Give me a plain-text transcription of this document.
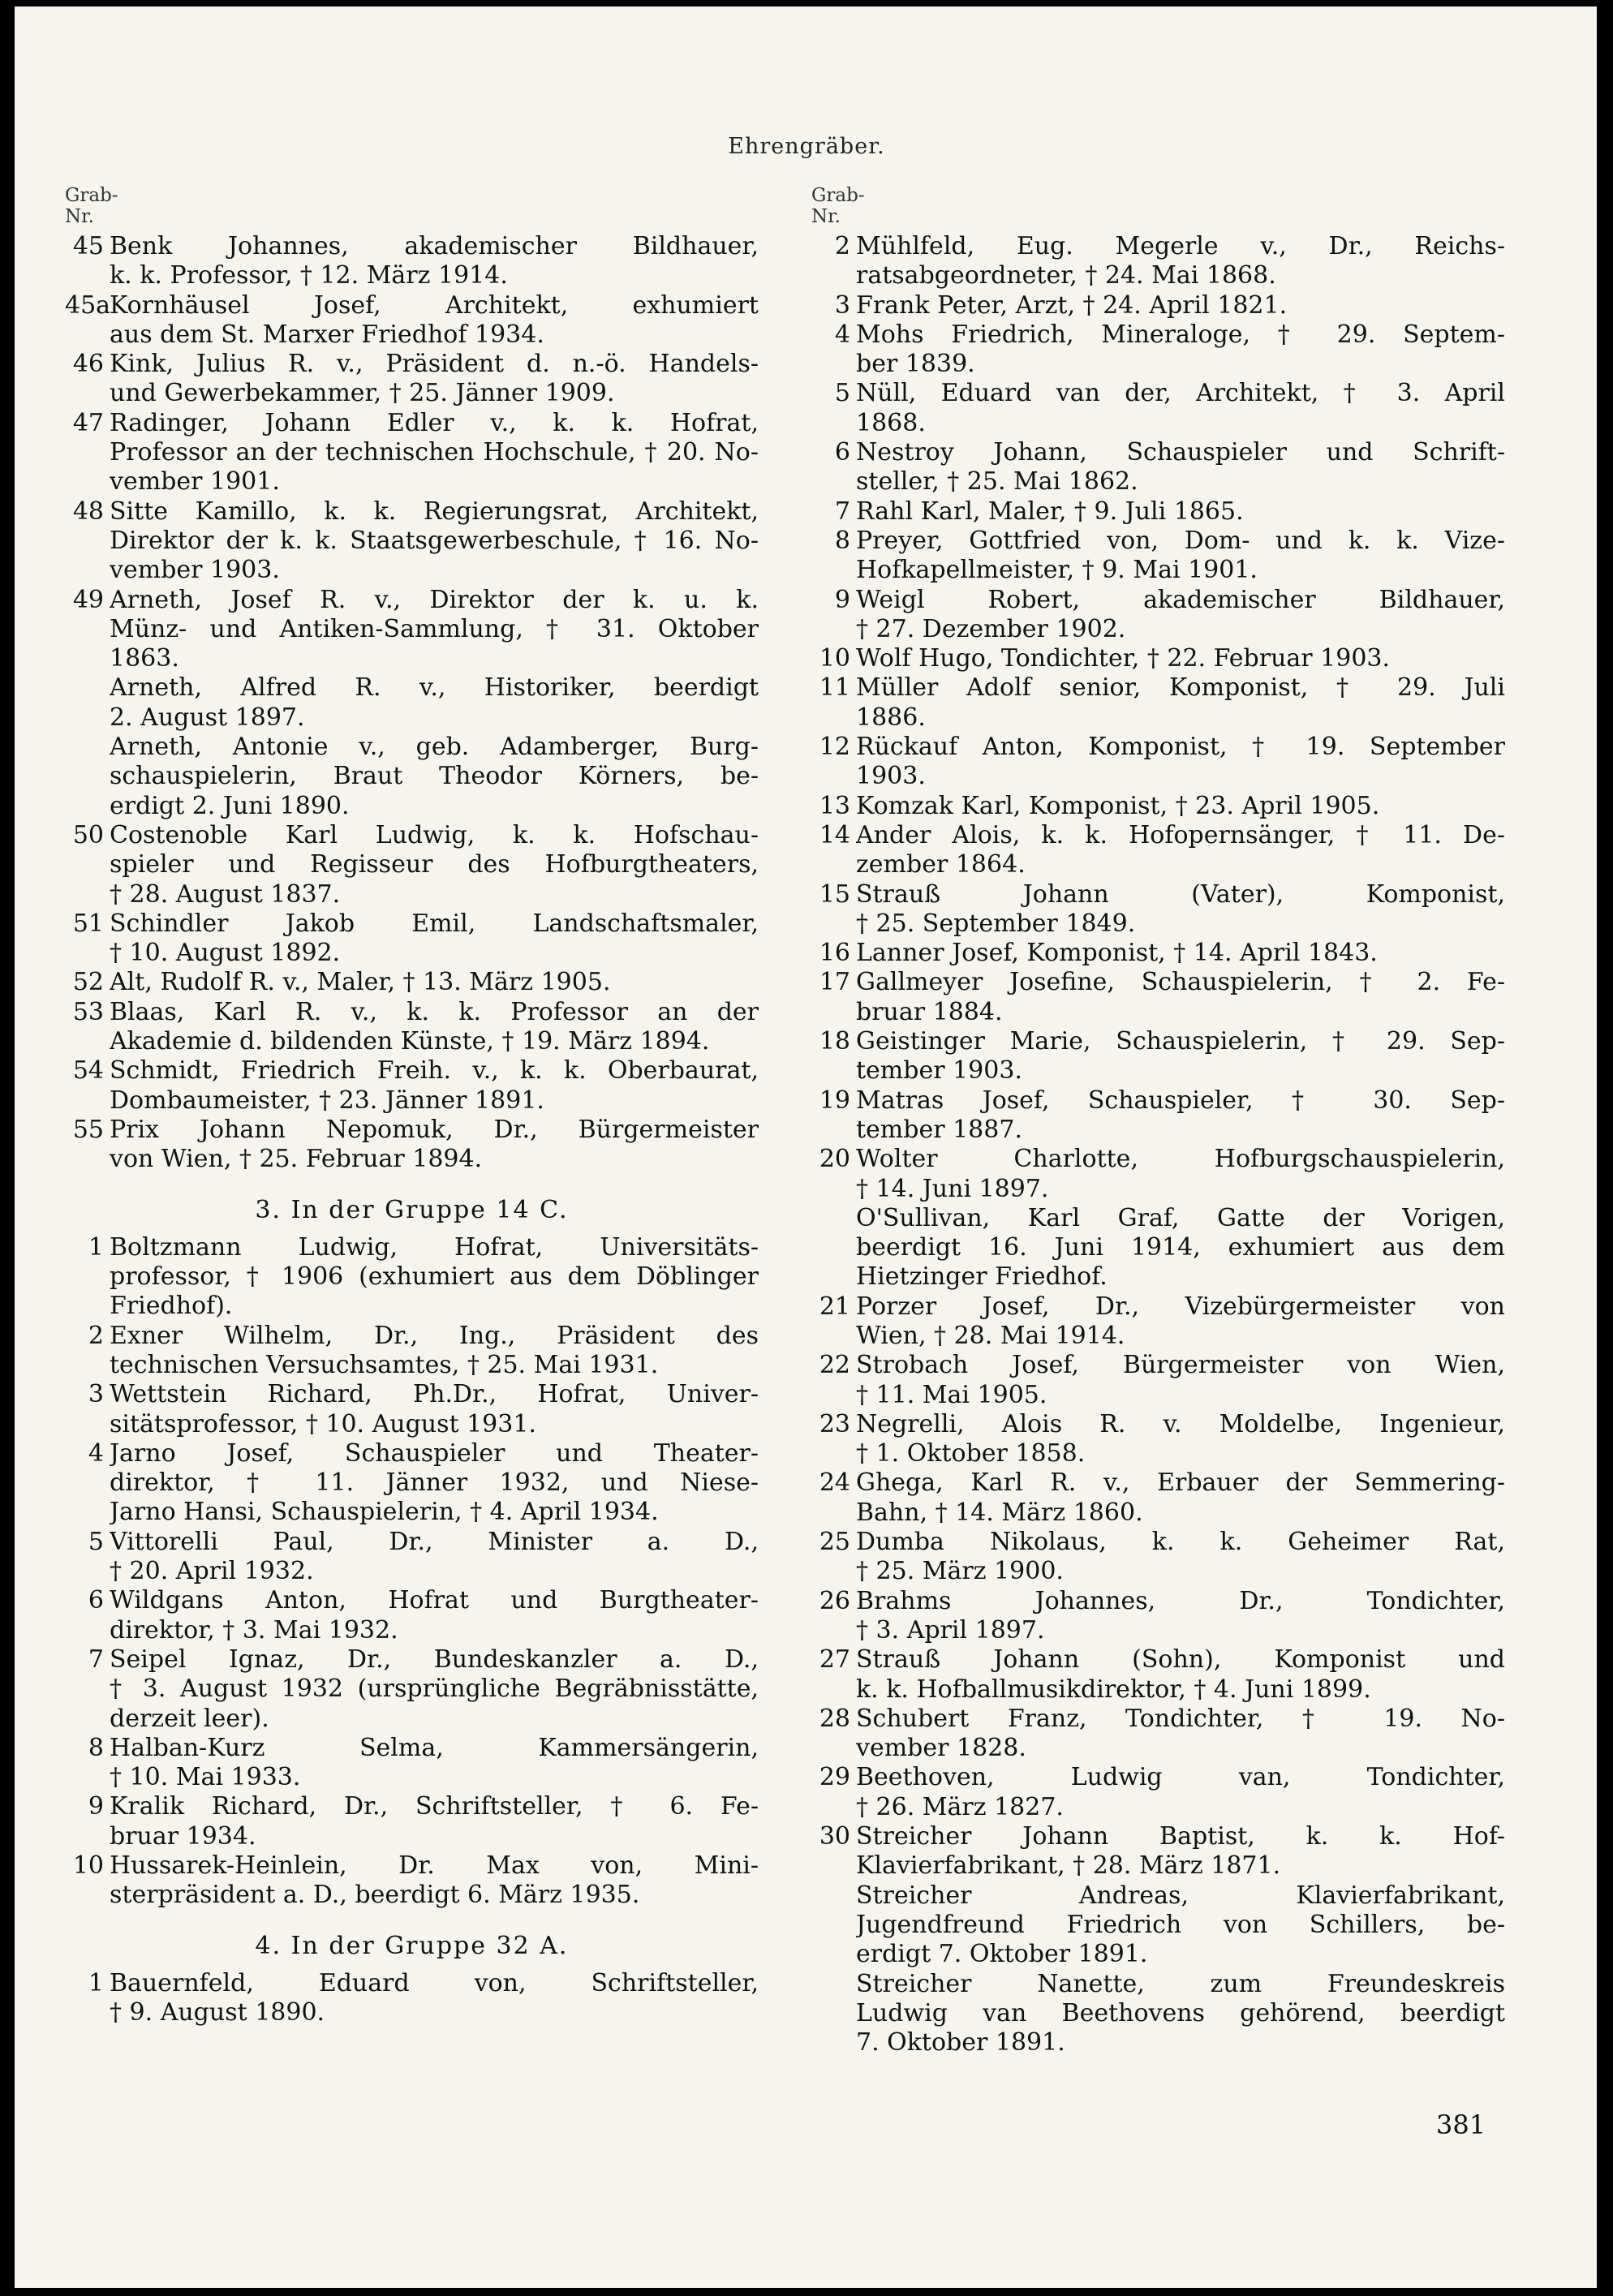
Ehrengräber.
Grab-
Nr.
45 Benk Johannes, akademischer Bildhauer,
k. k. Professor, † 12. März 1914.
45a
Kornhäusel Josef, Architekt, exhumiert
aus dem St. Marxer Friedhof 1934.
46 Kink, Julius R. v., Präsident d. n.-ö. Handels-
und Gewerbekammer, † 25. Jänner 1909.
47 Radinger, Johann Edler v., k. k. Hofrat,
Professor an der technischen Hochschule, † 20. No-
vember 1901.
48 Sitte Kamillo, k. k. Regierungsrat, Architekt,
Direktor der k. k. Staatsgewerbeschule, † 16. No-
vember 1903.
49 Arneth, Josef R. v., Direktor der k. u. k.
Münz- und Antiken-Sammlung, † 31. Oktober
1863.
Arneth, Alfred R. v., Historiker, beerdigt
2. August 1897.
Arneth, Antonie v., geb. Adamberger, Burg-
schauspielerin, Braut Theodor Körners, be-
erdigt 2. Juni 1890.
50 Costenoble Karl Ludwig, k. k. Hofschau-
spieler und Regisseur des Hofburgtheaters,
† 28. August 1837.
51 Schindler Jakob Emil, Landschaftsmaler,
† 10. August 1892.
52 Alt, Rudolf R. v., Maler, † 13. März 1905.
53 Blaas, Karl R. v., k. k. Professor an der
Akademie d. bildenden Künste, † 19. März 1894.
54 Schmidt, Friedrich Freih. v., k. k. Oberbaurat,
Dombaumeister, † 23. Jänner 1891.
55 Prix Johann Nepomuk, Dr., Bürgermeister
von Wien, † 25. Februar 1894.
3. In der Gruppe 14 C.
1 Boltzmann Ludwig, Hofrat, Universitäts-
professor, † 1906 (exhumiert aus dem Döblinger
Friedhof).
2 Exner Wilhelm, Dr., Ing., Präsident des
technischen Versuchsamtes, † 25. Mai 1931.
3 Wettstein Richard, Ph.Dr., Hofrat, Univer-
sitätsprofessor, † 10. August 1931.
4 Jarno Josef, Schauspieler und Theater-
direktor, † 11. Jänner 1932, und Niese-
Jarno Hansi, Schauspielerin, † 4. April 1934.
5 Vittorelli Paul, Dr., Minister a. D.,
† 20. April 1932.
6 Wildgans Anton, Hofrat und Burgtheater-
direktor, † 3. Mai 1932.
7 Seipel Ignaz, Dr., Bundeskanzler a. D.,
† 3. August 1932 (ursprüngliche Begräbnisstätte,
derzeit leer).
8 Halban-Kurz Selma, Kammersängerin,
† 10. Mai 1933.
9 Kralik Richard, Dr., Schriftsteller, † 6. Fe-
bruar 1934.
10 Hussarek-Heinlein, Dr. Max von, Mini-
sterpräsident a. D., beerdigt 6. März 1935.
4. In der Gruppe 32 A.
1 Bauernfeld, Eduard von, Schriftsteller,
† 9. August 1890.
Grab-
Nr.
2 Mühlfeld, Eug. Megerle v., Dr., Reichs-
ratsabgeordneter, † 24. Mai 1868.
3 Frank Peter, Arzt, † 24. April 1821.
4 Mohs Friedrich, Mineraloge, † 29. Septem-
ber 1839.
5 Nüll, Eduard van der, Architekt, † 3. April
1868.
6 Nestroy Johann, Schauspieler und Schrift-
steller, † 25. Mai 1862.
7 Rahl Karl, Maler, † 9. Juli 1865.
8 Preyer, Gottfried von, Dom- und k. k. Vize-
Hofkapellmeister, † 9. Mai 1901.
9 Weigl Robert, akademischer Bildhauer,
† 27. Dezember 1902.
10 Wolf Hugo, Tondichter, † 22. Februar 1903.
11 Müller Adolf senior, Komponist, † 29. Juli
1886.
12 Rückauf Anton, Komponist, † 19. September
1903.
13 Komzak Karl, Komponist, † 23. April 1905.
14 Ander Alois, k. k. Hofopernsänger, † 11. De-
zember 1864.
15 Strauß Johann (Vater), Komponist,
† 25. September 1849.
16 Lanner Josef, Komponist, † 14. April 1843.
17 Gallmeyer Josefine, Schauspielerin, † 2. Fe-
bruar 1884.
18 Geistinger Marie, Schauspielerin, † 29. Sep-
tember 1903.
19 Matras Josef, Schauspieler, † 30. Sep-
tember 1887.
20 Wolter Charlotte, Hofburgschauspielerin,
† 14. Juni 1897.
O'Sullivan, Karl Graf, Gatte der Vorigen,
beerdigt 16. Juni 1914, exhumiert aus dem
Hietzinger Friedhof.
21 Porzer Josef, Dr., Vizebürgermeister von
Wien, † 28. Mai 1914.
22 Strobach Josef, Bürgermeister von Wien,
† 11. Mai 1905.
23 Negrelli, Alois R. v. Moldelbe, Ingenieur,
† 1. Oktober 1858.
24 Ghega, Karl R. v., Erbauer der Semmering-
Bahn, † 14. März 1860.
25 Dumba Nikolaus, k. k. Geheimer Rat,
† 25. März 1900.
26 Brahms Johannes, Dr., Tondichter,
† 3. April 1897.
27 Strauß Johann (Sohn), Komponist und
k. k. Hofballmusikdirektor, † 4. Juni 1899.
28 Schubert Franz, Tondichter, † 19. No-
vember 1828.
29 Beethoven, Ludwig van, Tondichter,
† 26. März 1827.
30 Streicher Johann Baptist, k. k. Hof-
Klavierfabrikant, † 28. März 1871.
Streicher Andreas, Klavierfabrikant,
Jugendfreund Friedrich von Schillers, be-
erdigt 7. Oktober 1891.
Streicher Nanette, zum Freundeskreis
Ludwig van Beethovens gehörend, beerdigt
7. Oktober 1891.
381
